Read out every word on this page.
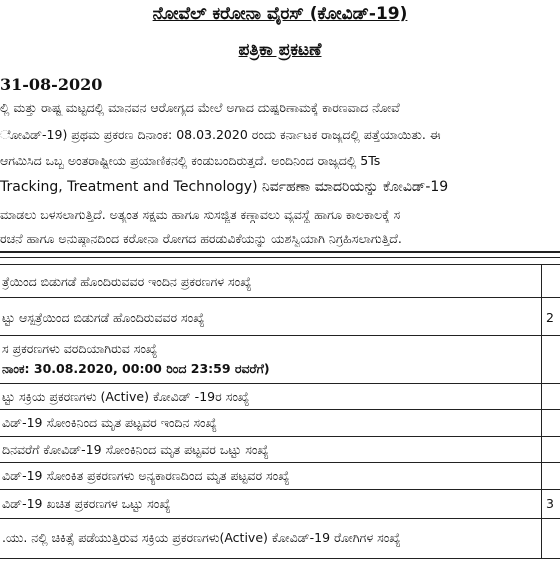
ನೋವೆಲ್ ಕರೋನಾ ವೈರಸ್ (ಕೋವಿಡ್-19)
ಪತ್ರಿಕಾ ಪ್ರಕಟಣೆ
31-08-2020
ಲ್ಲಿ ಮತ್ತು ರಾಷ್ಟ್ರ ಮಟ್ಟದಲ್ಲಿ ಮಾನವನ ಆರೋಗ್ಯದ ಮೇಲೆ ಅಗಾದ ದುಷ್ಪರಿಣಾಮಕ್ಕೆ ಕಾರಣವಾದ ನೋವೆ
ೋವಿಡ್-19) ಪ್ರಥಮ ಪ್ರಕರಣ ದಿನಾಂಕ: 08.03.2020 ರಂದು ಕರ್ನಾಟಕ ರಾಜ್ಯದಲ್ಲಿ ಪತ್ತೆಯಾಯಿತು. ಈ
ಆಗಮಿಸಿದ ಒಬ್ಬ ಅಂತರಾಷ್ಟ್ರೀಯ ಪ್ರಯಾಣಿಕನಲ್ಲಿ ಕಂಡುಬಂದಿರುತ್ತದೆ. ಅಂದಿನಿಂದ ರಾಜ್ಯದಲ್ಲಿ 5Ts
Tracking, Treatment and Technology) ನಿರ್ವಹಣಾ ಮಾದರಿಯನ್ನು ಕೋವಿಡ್-19
ಮಾಡಲು ಬಳಸಲಾಗುತ್ತಿದೆ. ಅತ್ಯಂತ ಸಕ್ಷಮ ಹಾಗೂ ಸುಸಜ್ಜಿತ ಕಣ್ಗಾವಲು ವ್ಯವಸ್ಥೆ ಹಾಗೂ ಕಾಲಕಾಲಕ್ಕೆ ಸ
ರಚನೆ ಹಾಗೂ ಅನುಷ್ಠಾನದಿಂದ ಕರೋನಾ ರೋಗದ ಹರಡುವಿಕೆಯನ್ನು ಯಶಸ್ವಿಯಾಗಿ ನಿಗ್ರಹಿಸಲಾಗುತ್ತಿದೆ.
ತ್ರೆಯಿಂದ ಬಿಡುಗಡೆ ಹೊಂದಿರುವವರ ಇಂದಿನ ಪ್ರಕರಣಗಳ ಸಂಖ್ಯೆ
ಟ್ಟು ಆಸ್ಪತ್ರೆಯಿಂದ ಬಿಡುಗಡೆ ಹೊಂದಿರುವವರ ಸಂಖ್ಯೆ	2
ಸ ಪ್ರಕರಣಗಳು ವರದಿಯಾಗಿರುವ ಸಂಖ್ಯೆ
ನಾಂಕ: 30.08.2020, 00:00 ರಿಂದ 23:59 ರವರೆಗೆ)
ಟ್ಟು ಸಕ್ರಿಯ ಪ್ರಕರಣಗಳು (Active) ಕೋವಿಡ್ -19ರ ಸಂಖ್ಯೆ
ವಿಡ್-19 ಸೋಂಕಿನಿಂದ ಮೃತ ಪಟ್ಟವರ ಇಂದಿನ ಸಂಖ್ಯೆ
ದಿನವರೆಗೆ ಕೋವಿಡ್-19 ಸೋಂಕಿನಿಂದ ಮೃತ ಪಟ್ಟವರ ಒಟ್ಟು ಸಂಖ್ಯೆ
ವಿಡ್-19 ಸೋಂಕಿತ ಪ್ರಕರಣಗಳು ಅನ್ಯಕಾರಣದಿಂದ ಮೃತ ಪಟ್ಟವರ ಸಂಖ್ಯೆ
ವಿಡ್-19 ಖಚಿತ ಪ್ರಕರಣಗಳ ಒಟ್ಟು ಸಂಖ್ಯೆ	3
.ಯು. ನಲ್ಲಿ ಚಿಕಿತ್ಸೆ ಪಡೆಯುತ್ತಿರುವ ಸಕ್ರಿಯ ಪ್ರಕರಣಗಳು(Active) ಕೋವಿಡ್-19 ರೋಗಿಗಳ ಸಂಖ್ಯೆ
